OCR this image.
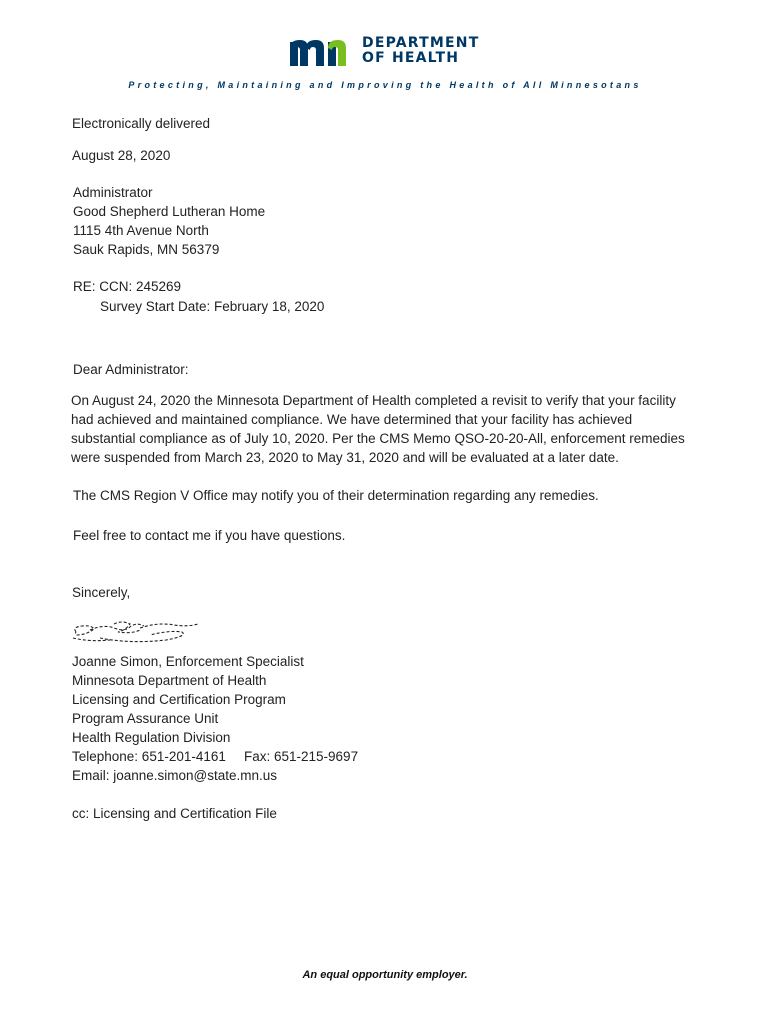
DEPARTMENT
OF HEALTH
Protecting, Maintaining and Improving the Health of All Minnesotans
Electronically delivered
August 28, 2020
Administrator
Good Shepherd Lutheran Home
1115 4th Avenue North
Sauk Rapids, MN 56379
RE: CCN: 245269
Survey Start Date: February 18, 2020
Dear Administrator:
On August 24, 2020 the Minnesota Department of Health completed a revisit to verify that your facility
had achieved and maintained compliance. We have determined that your facility has achieved
substantial compliance as of July 10, 2020. Per the CMS Memo QSO-20-20-All, enforcement remedies
were suspended from March 23, 2020 to May 31, 2020 and will be evaluated at a later date.
The CMS Region V Office may notify you of their determination regarding any remedies.
Feel free to contact me if you have questions.
Sincerely,
Joanne Simon, Enforcement Specialist
Minnesota Department of Health
Licensing and Certification Program
Program Assurance Unit
Health Regulation Division
Telephone: 651-201-4161 Fax: 651-215-9697
Email: joanne.simon@state.mn.us
cc: Licensing and Certification File
An equal opportunity employer.
